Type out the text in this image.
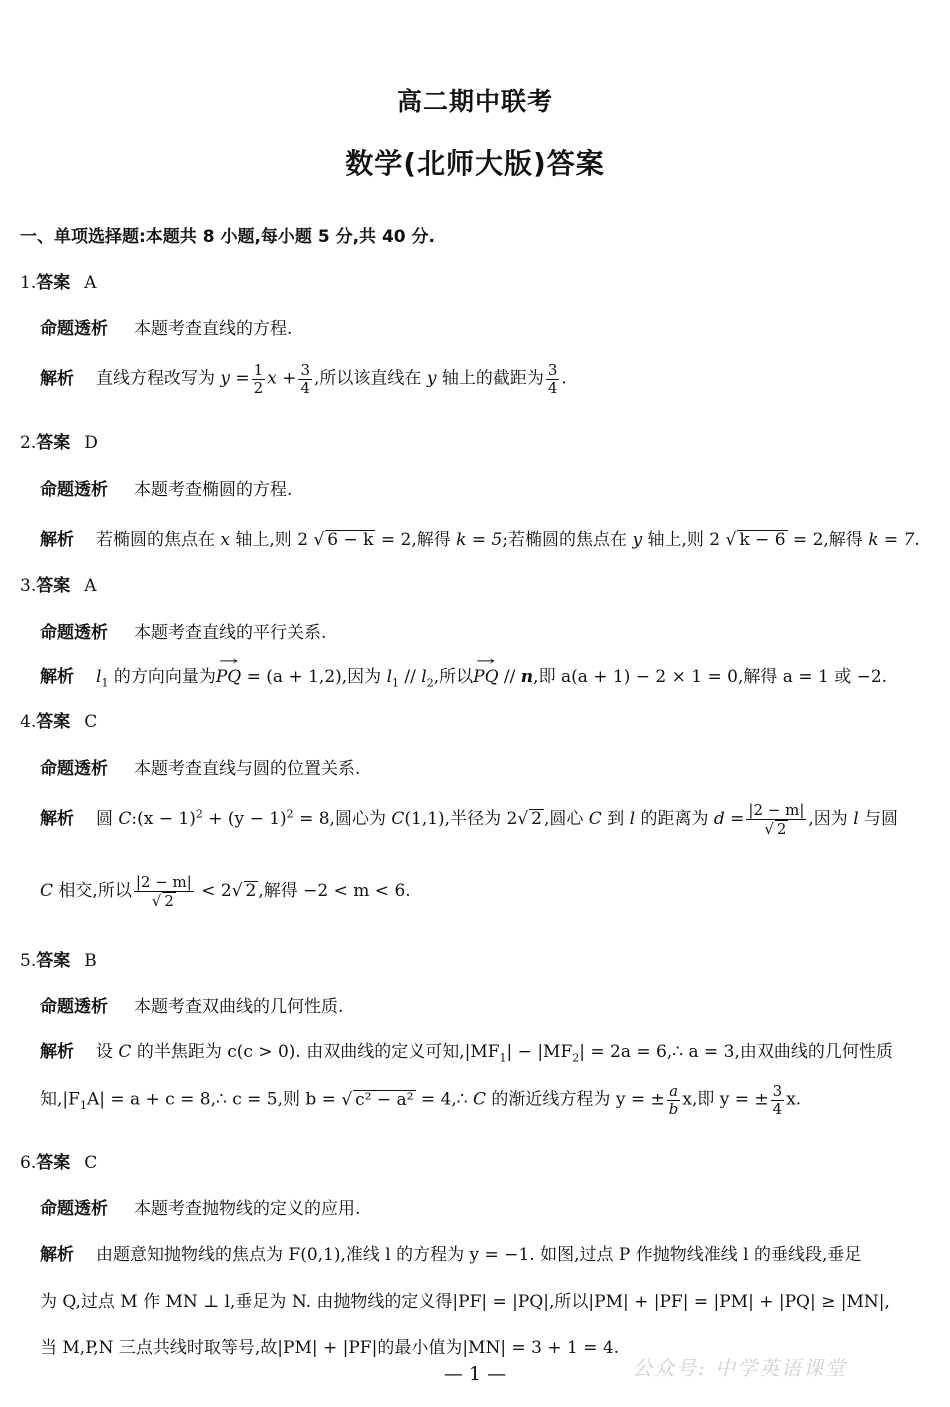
高二期中联考
数学(北师大版)答案
一、单项选择题:本题共 8 小题,每小题 5 分,共 40 分.
1.答案 A
命题透析 本题考查直线的方程.
解析 直线方程改写为 $y = \frac{1}{2}$ $x + \frac{3}{4}$ ,所以该直线在 y 轴上的截距为 $\frac{3}{4}$ .
2.答案 D
命题透析 本题考查椭圆的方程.
解析 若椭圆的焦点在 x 轴上,则 2 √ 6 − k = 2,解得 k = 5;若椭圆的焦点在 y 轴上,则 2 √ k − 6 = 2,解得 k = 7.
3.答案 A
命题透析 本题考查直线的平行关系.
解析 $l_1$ 的方向向量为→ PQ = (a + 1,2),因为 $l_1 // l_2$,所以→ PQ // n,即 a(a + 1) − 2 × 1 = 0,解得 a = 1 或 −2.
4.答案 C
命题透析 本题考查直线与圆的位置关系.
解析 圆 C:(x − $1)^2 + (y - 1)^2 = 8$,圆心为 C(1,1),半径为 2√ 2 ,圆心 C 到 l 的距离为 $d = \frac{|2 - m|}{√ 2}$ ,因为 l 与圆
C 相交,所以 $\frac{|2 - m|}{√ 2} < 2√$ 2 ,解得 −2 < m < 6.
5.答案 B
命题透析 本题考查双曲线的几何性质.
解析 设 C 的半焦距为 c(c > 0). 由双曲线的定义可知$,|MF_1| - |MF_2| = 2a$ = 6,∴ a = 3,由双曲线的几何性质
知$,|F_1A| = a + c$ = 8,∴ c = 5,则 b = √ c² − a² = 4,∴ C 的渐近线方程为 y = ± $\frac{a}{b} x$,即 y = ± $\frac{3}{4} x$.
6.答案 C
命题透析 本题考查抛物线的定义的应用.
解析 由题意知抛物线的焦点为 F(0,1),准线 l 的方程为 y = −1. 如图,过点 P 作抛物线准线 l 的垂线段,垂足
为 Q,过点 M 作 MN ⊥ l,垂足为 N. 由抛物线的定义得|PF| = |PQ|,所以|PM| + |PF| = |PM| + |PQ| ≥ |MN|,
当 M,P,N 三点共线时取等号,故|PM| + |PF|的最小值为|MN| = 3 + 1 = 4.
— 1 —	公众号: 中学英语课堂
